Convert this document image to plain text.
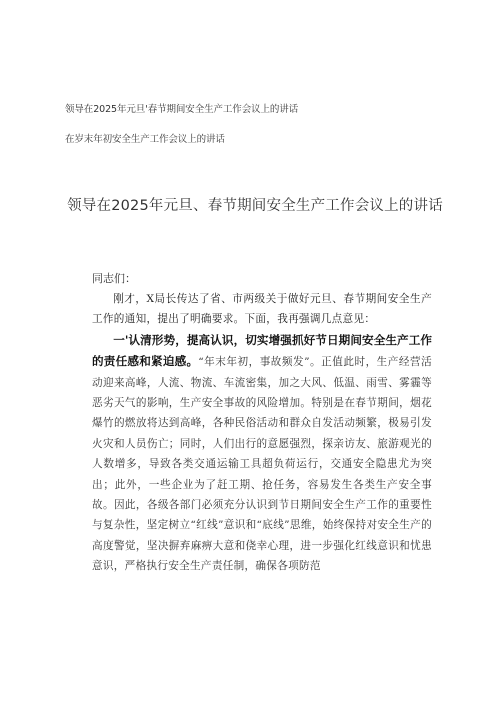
领导在2025年元旦'春节期间安全生产工作会议上的讲话
在岁末年初安全生产工作会议上的讲话
领导在2025年元旦、春节期间安全生产工作会议上的讲话
同志们：

刚才，X局长传达了省、市两级关于做好元旦、春节期间安全生产工作的通知，提出了明确要求。下面，我再强调几点意见：

一'认清形势，提高认识，切实增强抓好节日期间安全生产工作的责任感和紧迫感。“年末年初，事故频发”。正值此时，生产经营活动迎来高峰，人流、物流、车流密集，加之大风、低温、雨雪、雾霾等恶劣天气的影响，生产安全事故的风险增加。特别是在春节期间，烟花爆竹的燃放将达到高峰，各种民俗活动和群众自发活动频繁，极易引发火灾和人员伤亡；同时，人们出行的意愿强烈，探亲访友、旅游观光的人数增多，导致各类交通运输工具超负荷运行，交通安全隐患尤为突出；此外，一些企业为了赶工期、抢任务，容易发生各类生产安全事故。因此，各级各部门必须充分认识到节日期间安全生产工作的重要性与复杂性，坚定树立“红线”意识和“底线”思维，始终保持对安全生产的高度警觉，坚决摒弃麻痹大意和侥幸心理，进一步强化红线意识和忧患意识，严格执行安全生产责任制，确保各项防范
